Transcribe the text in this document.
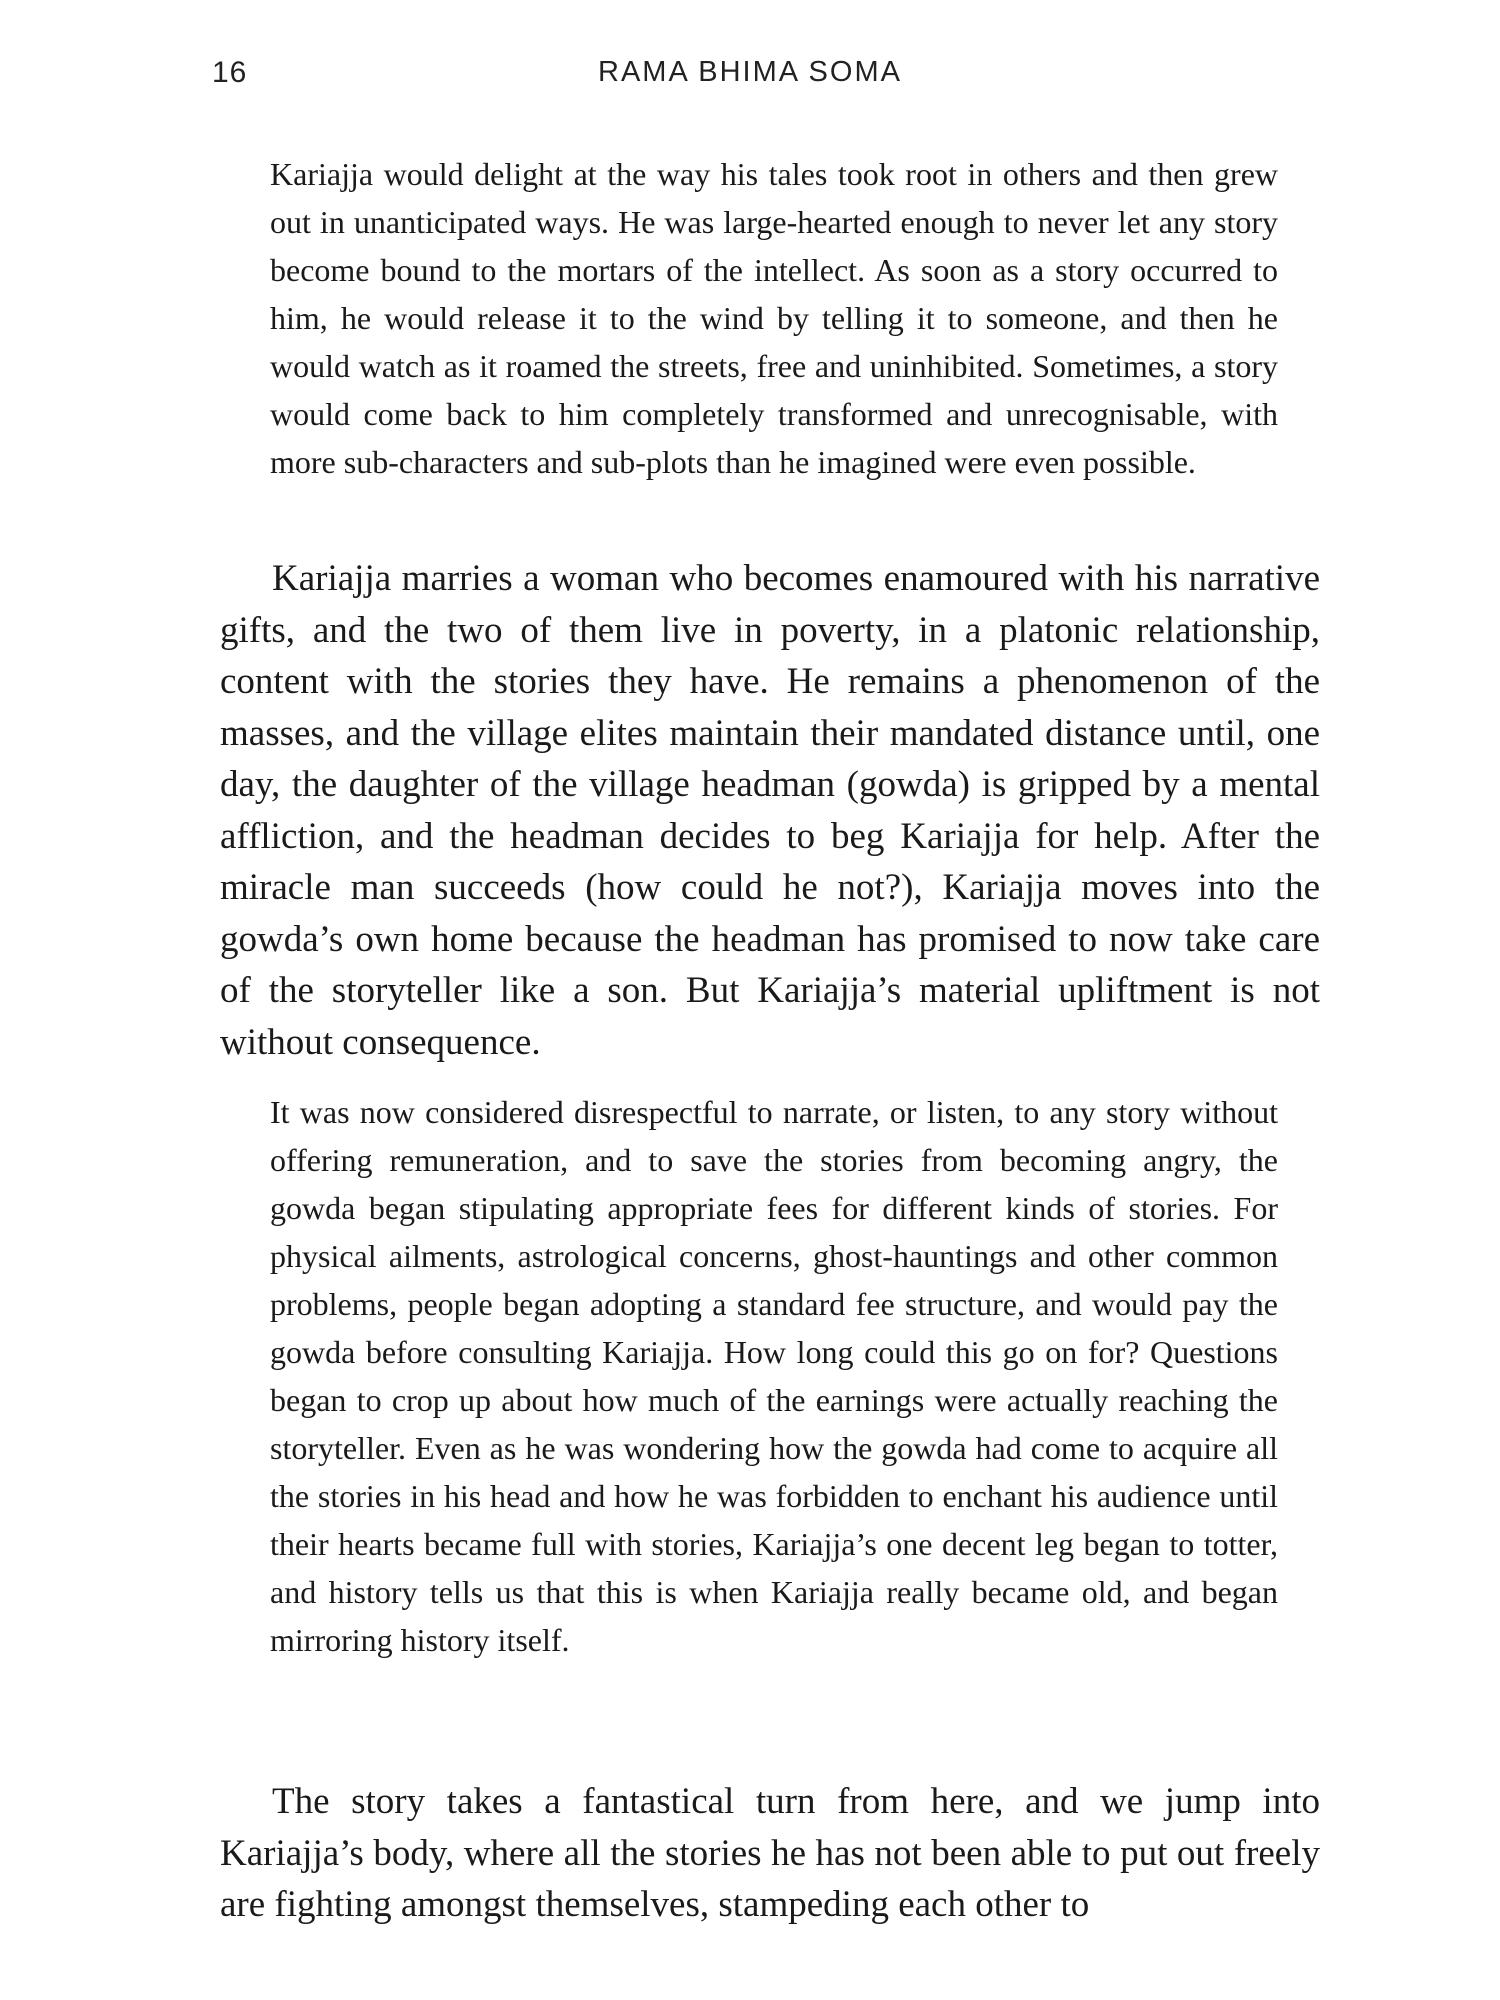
16	RAMA BHIMA SOMA

Kariajja would delight at the way his tales took root in others and then grew out in unanticipated ways. He was large-hearted enough to never let any story become bound to the mortars of the intellect. As soon as a story occurred to him, he would release it to the wind by telling it to someone, and then he would watch as it roamed the streets, free and uninhibited. Sometimes, a story would come back to him completely transformed and unrecognisable, with more sub-characters and sub-plots than he imagined were even possible.

Kariajja marries a woman who becomes enamoured with his narrative gifts, and the two of them live in poverty, in a platonic relationship, content with the stories they have. He remains a phenomenon of the masses, and the village elites maintain their mandated distance until, one day, the daughter of the village headman (gowda) is gripped by a mental affliction, and the headman decides to beg Kariajja for help. After the miracle man succeeds (how could he not?), Kariajja moves into the gowda’s own home because the headman has promised to now take care of the storyteller like a son. But Kariajja’s material upliftment is not without consequence.

It was now considered disrespectful to narrate, or listen, to any story without offering remuneration, and to save the stories from becoming angry, the gowda began stipulating appropriate fees for different kinds of stories. For physical ailments, astrological concerns, ghost-hauntings and other common problems, people began adopting a standard fee structure, and would pay the gowda before consulting Kariajja. How long could this go on for? Questions began to crop up about how much of the earnings were actually reaching the storyteller. Even as he was wondering how the gowda had come to acquire all the stories in his head and how he was forbidden to enchant his audience until their hearts became full with stories, Kariajja’s one decent leg began to totter, and history tells us that this is when Kariajja really became old, and began mirroring history itself.

The story takes a fantastical turn from here, and we jump into Kariajja’s body, where all the stories he has not been able to put out freely are fighting amongst themselves, stampeding each other to
